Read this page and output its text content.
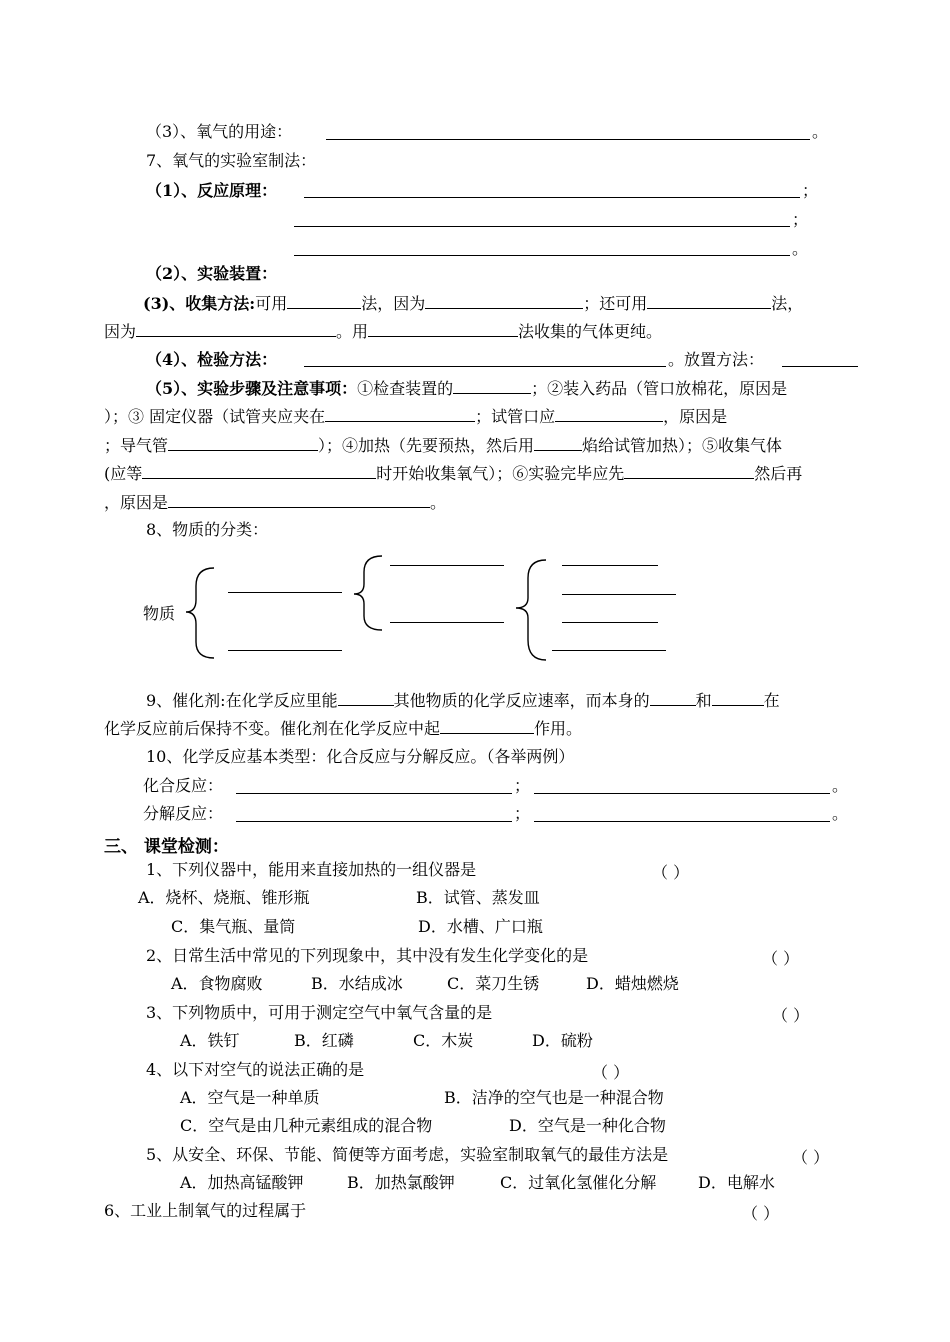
（3）、氧气的用途：	。
7、氧气的实验室制法：
（1）、反应原理：	；
；
。
（2）、实验装置：
(3)、收集方法:可用	法，因为	；还可用	法，
因为	。用	法收集的气体更纯。
（4）、检验方法：	。放置方法：
（5）、实验步骤及注意事项：①检查装置的	；②装入药品（管口放棉花，原因是
）；③ 固定仪器（试管夹应夹在	；试管口应	，原因是
；导气管	）；④加热（先要预热，然后用	焰给试管加热）；⑤收集气体
(应等	时开始收集氧气）；⑥实验完毕应先	然后再
，原因是	。
8、物质的分类：
物质
9、催化剂:在化学反应里能	其他物质的化学反应速率，而本身的	和	在
化学反应前后保持不变。催化剂在化学反应中起	作用。
10、化学反应基本类型：化合反应与分解反应。（各举两例）
化合反应：	；	。
分解反应：	；	。
三、 课堂检测：
1、下列仪器中，能用来直接加热的一组仪器是	（ ）
A．烧杯、烧瓶、锥形瓶	B．试管、蒸发皿
C．集气瓶、量筒	D．水槽、广口瓶
2、日常生活中常见的下列现象中，其中没有发生化学变化的是	（ ）
A．食物腐败	B．水结成冰	C．菜刀生锈	D．蜡烛燃烧
3、下列物质中，可用于测定空气中氧气含量的是	（ ）
A．铁钉	B．红磷	C．木炭	D．硫粉
4、以下对空气的说法正确的是	（ ）
A．空气是一种单质	B．洁净的空气也是一种混合物
C．空气是由几种元素组成的混合物	D．空气是一种化合物
5、从安全、环保、节能、简便等方面考虑，实验室制取氧气的最佳方法是	（ ）
A．加热高锰酸钾	B．加热氯酸钾	C．过氧化氢催化分解	D．电解水
6、工业上制氧气的过程属于	（ ）
